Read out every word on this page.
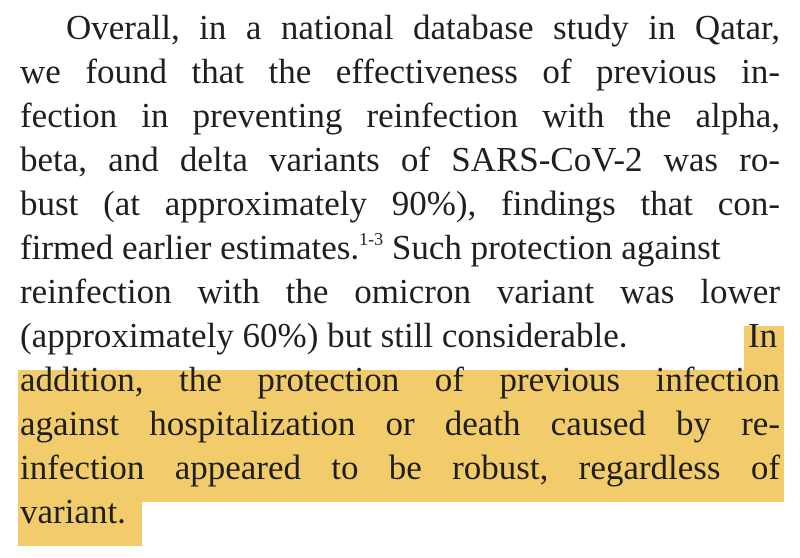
Overall, in a national database study in Qatar,
we found that the effectiveness of previous in-
fection in preventing reinfection with the alpha,
beta, and delta variants of SARS-CoV-2 was ro-
bust (at approximately 90%), findings that con-
firmed earlier estimates.$^{1-3}$ Such protection against
reinfection with the omicron variant was lower
(approximately 60%) but still considerable.	In
addition, the protection of previous infection
against hospitalization or death caused by re-
infection appeared to be robust, regardless of
variant.
